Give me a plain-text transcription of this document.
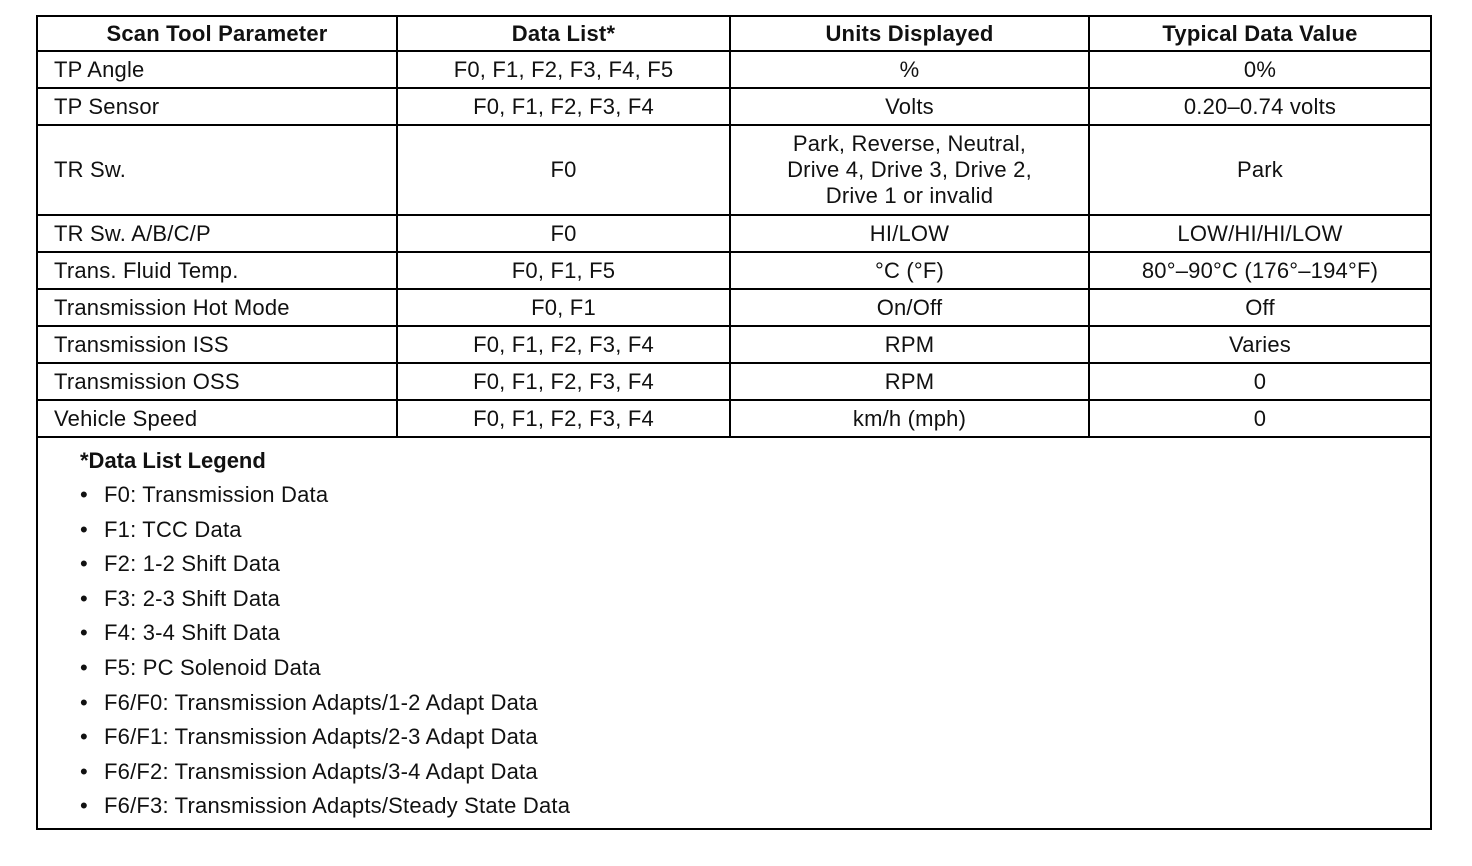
Scan Tool Parameter	Data List*	Units Displayed	Typical Data Value
TP Angle	F0, F1, F2, F3, F4, F5	%	0%
TP Sensor	F0, F1, F2, F3, F4	Volts	0.20–0.74 volts
TR Sw.	F0	Park, Reverse, Neutral,
Drive 4, Drive 3, Drive 2,
Drive 1 or invalid	Park
TR Sw. A/B/C/P	F0	HI/LOW	LOW/HI/HI/LOW
Trans. Fluid Temp.	F0, F1, F5	°C (°F)	80°–90°C (176°–194°F)
Transmission Hot Mode	F0, F1	On/Off	Off
Transmission ISS	F0, F1, F2, F3, F4	RPM	Varies
Transmission OSS	F0, F1, F2, F3, F4	RPM	0
Vehicle Speed	F0, F1, F2, F3, F4	km/h (mph)	0
*Data List Legend
• F0: Transmission Data
• F1: TCC Data
• F2: 1-2 Shift Data
• F3: 2-3 Shift Data
• F4: 3-4 Shift Data
• F5: PC Solenoid Data
• F6/F0: Transmission Adapts/1-2 Adapt Data
• F6/F1: Transmission Adapts/2-3 Adapt Data
• F6/F2: Transmission Adapts/3-4 Adapt Data
• F6/F3: Transmission Adapts/Steady State Data
